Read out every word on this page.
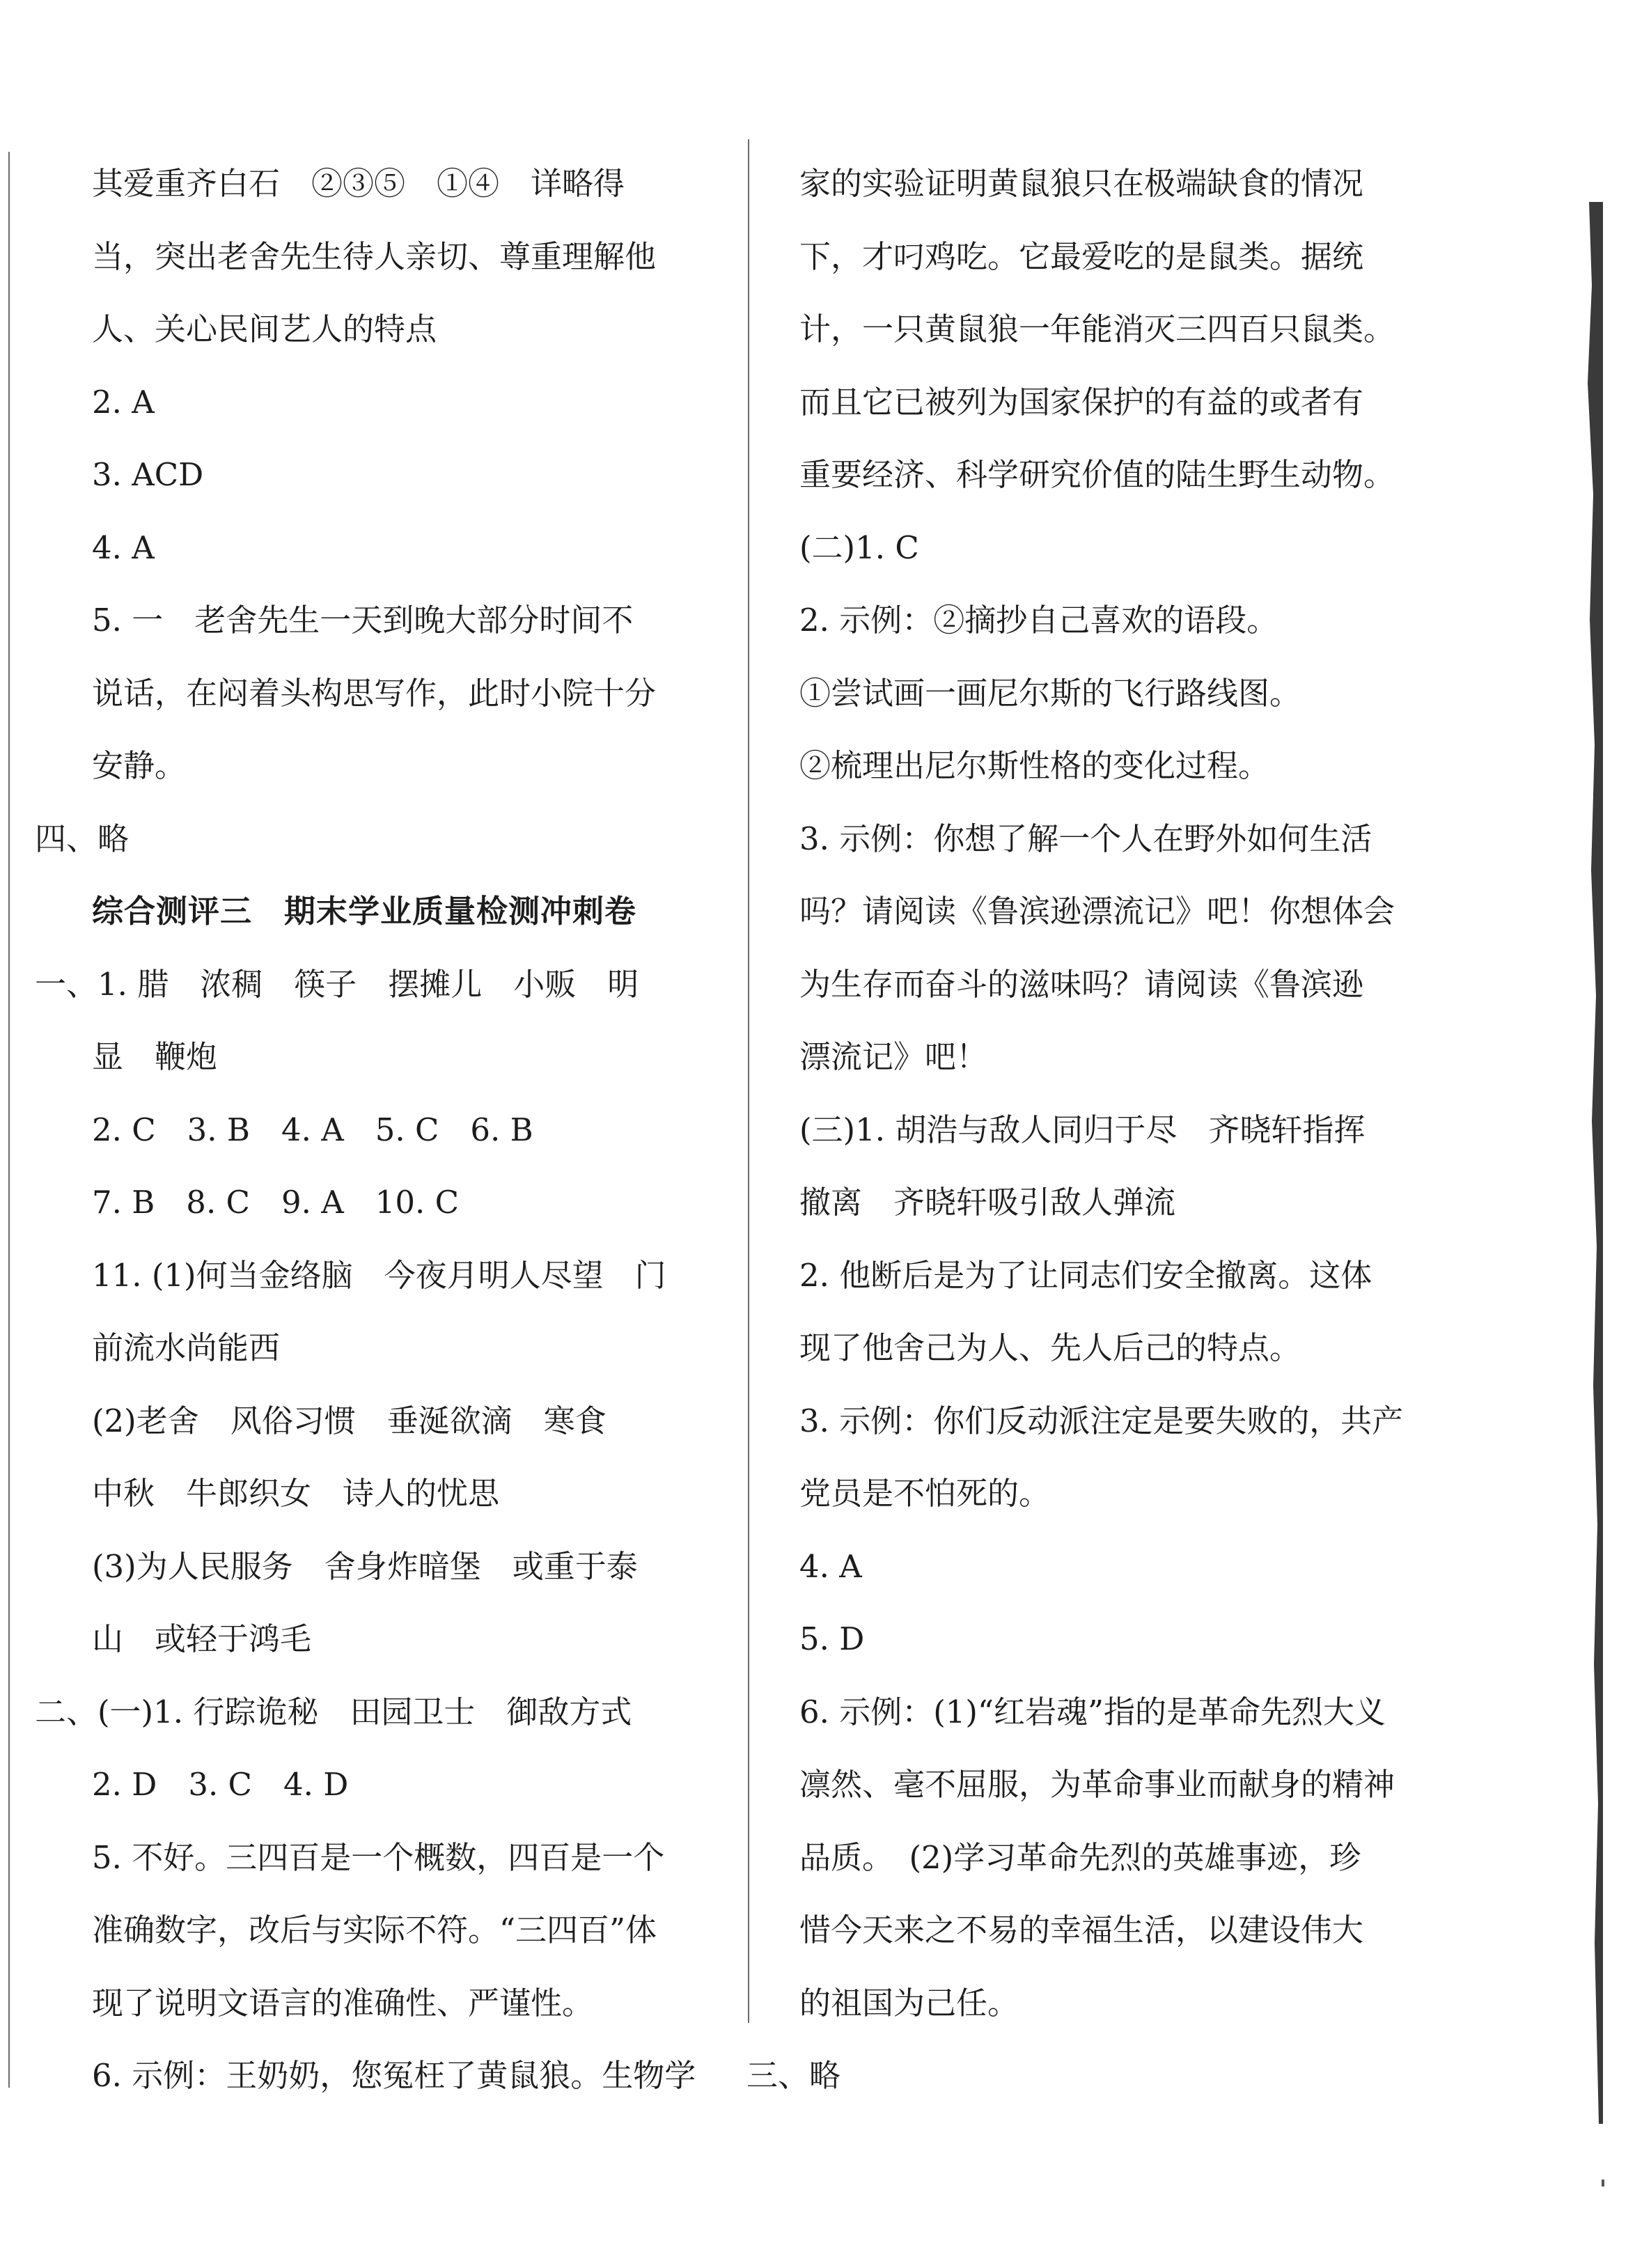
其爱重齐白石　②③⑤　①④　详略得
当，突出老舍先生待人亲切、尊重理解他
人、关心民间艺人的特点
2. A
3. ACD
4. A
5. 一　老舍先生一天到晚大部分时间不
说话，在闷着头构思写作，此时小院十分
安静。
四、略
综合测评三　期末学业质量检测冲刺卷
一、1. 腊　浓稠　筷子　摆摊儿　小贩　明
显　鞭炮
2. C　3. B　4. A　5. C　6. B
7. B　8. C　9. A　10. C
11. (1)何当金络脑　今夜月明人尽望　门
前流水尚能西
(2)老舍　风俗习惯　垂涎欲滴　寒食
中秋　牛郎织女　诗人的忧思
(3)为人民服务　舍身炸暗堡　或重于泰
山　或轻于鸿毛
二、(一)1. 行踪诡秘　田园卫士　御敌方式
2. D　3. C　4. D
5. 不好。三四百是一个概数，四百是一个
准确数字，改后与实际不符。“三四百”体
现了说明文语言的准确性、严谨性。
6. 示例：王奶奶，您冤枉了黄鼠狼。生物学
家的实验证明黄鼠狼只在极端缺食的情况
下，才叼鸡吃。它最爱吃的是鼠类。据统
计，一只黄鼠狼一年能消灭三四百只鼠类。
而且它已被列为国家保护的有益的或者有
重要经济、科学研究价值的陆生野生动物。
(二)1. C
2. 示例：②摘抄自己喜欢的语段。
①尝试画一画尼尔斯的飞行路线图。
②梳理出尼尔斯性格的变化过程。
3. 示例：你想了解一个人在野外如何生活
吗？请阅读《鲁滨逊漂流记》吧！你想体会
为生存而奋斗的滋味吗？请阅读《鲁滨逊
漂流记》吧！
(三)1. 胡浩与敌人同归于尽　齐晓轩指挥
撤离　齐晓轩吸引敌人弹流
2. 他断后是为了让同志们安全撤离。这体
现了他舍己为人、先人后己的特点。
3. 示例：你们反动派注定是要失败的，共产
党员是不怕死的。
4. A
5. D
6. 示例：(1)“红岩魂”指的是革命先烈大义
凛然、毫不屈服，为革命事业而献身的精神
品质。　(2)学习革命先烈的英雄事迹，珍
惜今天来之不易的幸福生活，以建设伟大
的祖国为己任。
三、略
